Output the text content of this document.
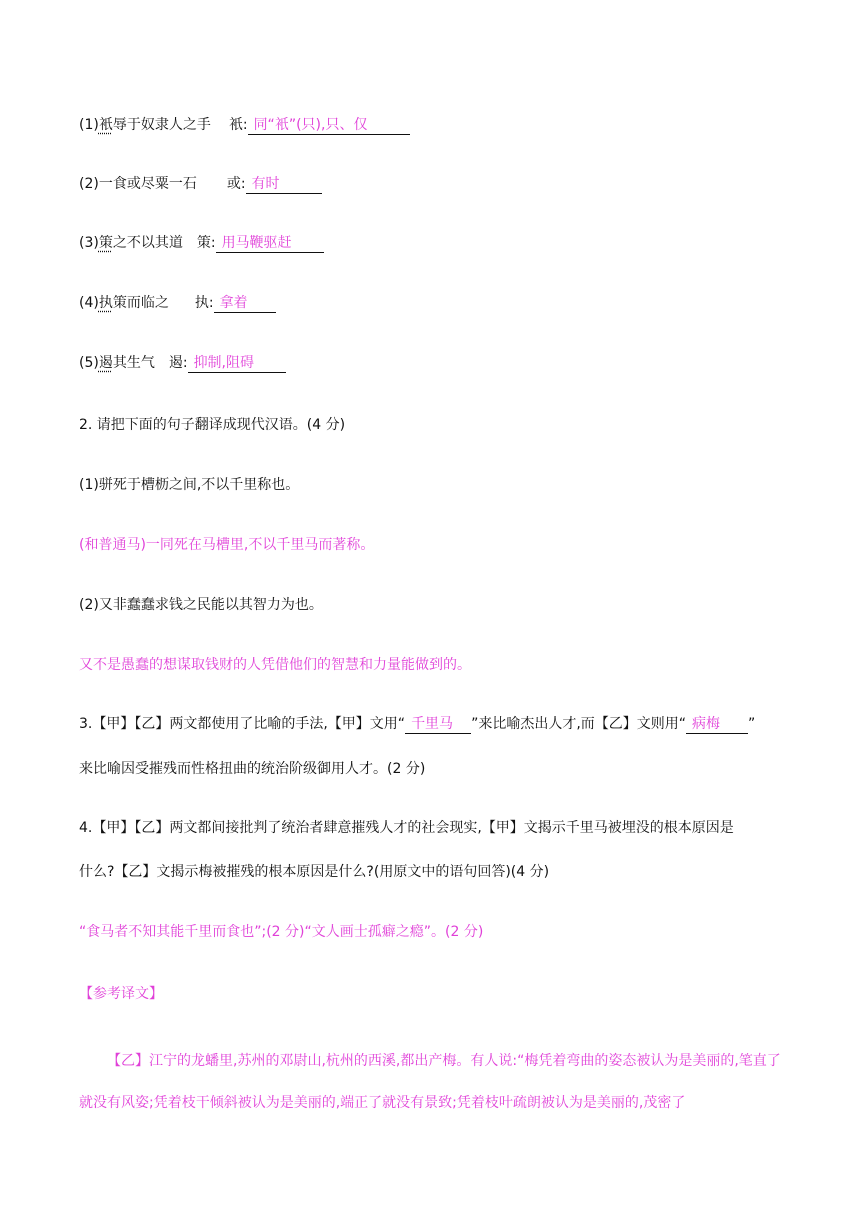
(1)衹辱于奴隶人之手 衹: 同“衹”(只),只、仅
(2)一食或尽粟一石 或: 有时
(3)策之不以其道 策: 用马鞭驱赶
(4)执策而临之 执: 拿着
(5)遏其生气 遏: 抑制,阻碍
2. 请把下面的句子翻译成现代汉语。(4 分)
(1)骈死于槽枥之间,不以千里称也。
(和普通马)一同死在马槽里,不以千里马而著称。
(2)又非蠢蠢求钱之民能以其智力为也。
又不是愚蠢的想谋取钱财的人凭借他们的智慧和力量能做到的。
3.【甲】【乙】两文都使用了比喻的手法,【甲】文用“ 千里马 ”来比喻杰出人才,而【乙】文则用“ 病梅 ”
来比喻因受摧残而性格扭曲的统治阶级御用人才。(2 分)
4.【甲】【乙】两文都间接批判了统治者肆意摧残人才的社会现实,【甲】文揭示千里马被埋没的根本原因是
什么?【乙】文揭示梅被摧残的根本原因是什么?(用原文中的语句回答)(4 分)
“食马者不知其能千里而食也”;(2 分)“文人画士孤癖之瘾”。(2 分)
【参考译文】
【乙】江宁的龙蟠里,苏州的邓尉山,杭州的西溪,都出产梅。有人说:“梅凭着弯曲的姿态被认为是美丽的,笔直了就没有风姿;凭着枝干倾斜被认为是美丽的,端正了就没有景致;凭着枝叶疏朗被认为是美丽的,茂密了
